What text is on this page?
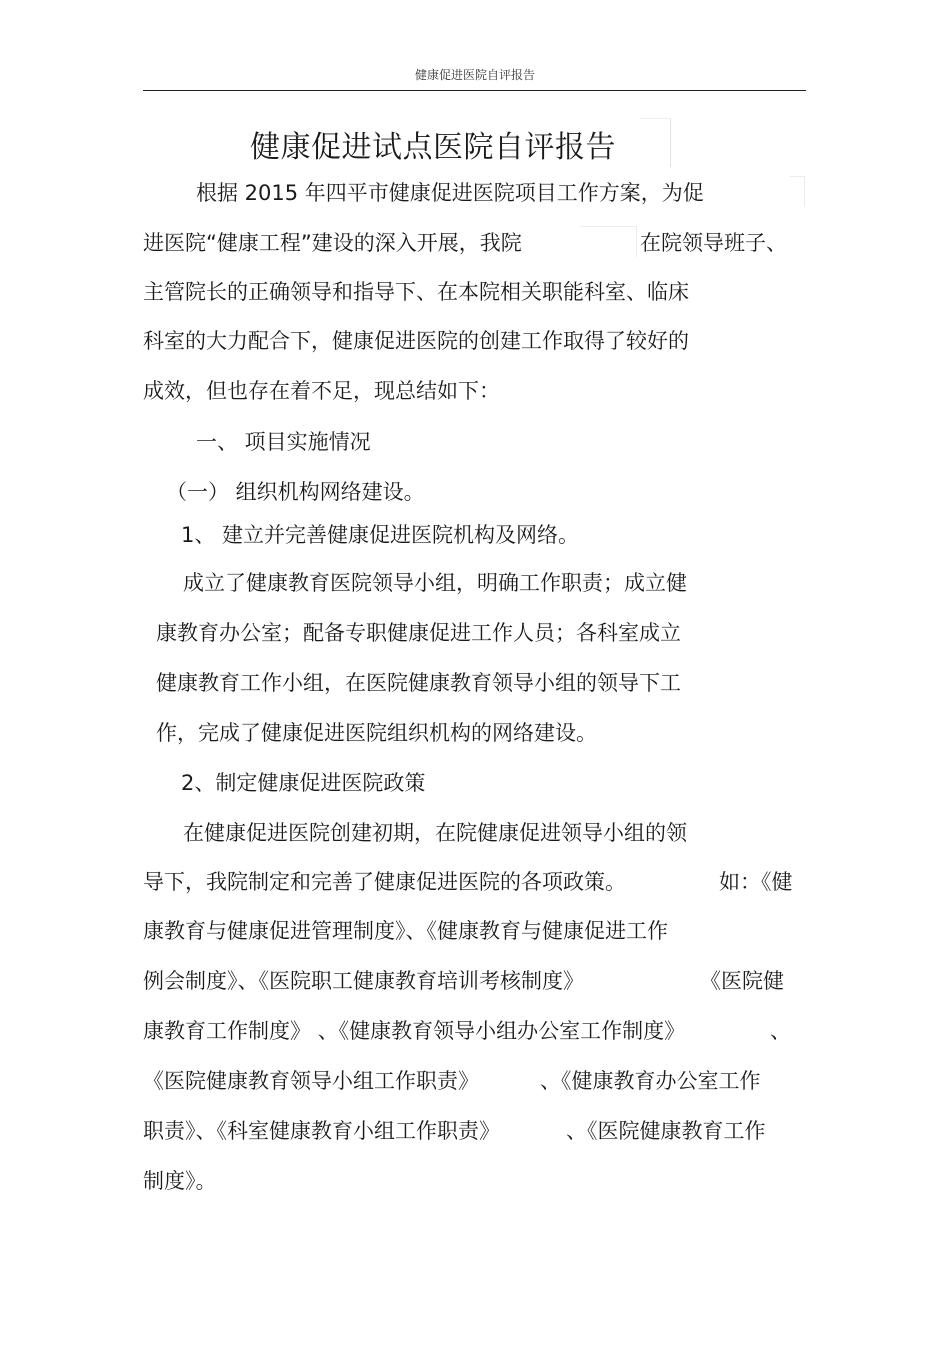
健康促进医院自评报告
健康促进试点医院自评报告
根据 2015 年四平市健康促进医院项目工作方案，为促
进医院“健康工程”建设的深入开展，我院	在院领导班子、
主管院长的正确领导和指导下、在本院相关职能科室、临床
科室的大力配合下，健康促进医院的创建工作取得了较好的
成效，但也存在着不足，现总结如下：
一、 项目实施情况
（一） 组织机构网络建设。
1、 建立并完善健康促进医院机构及网络。
成立了健康教育医院领导小组，明确工作职责；成立健
康教育办公室；配备专职健康促进工作人员；各科室成立
健康教育工作小组，在医院健康教育领导小组的领导下工
作，完成了健康促进医院组织机构的网络建设。
2、制定健康促进医院政策
在健康促进医院创建初期，在院健康促进领导小组的领
导下，我院制定和完善了健康促进医院的各项政策。	如：《健
康教育与健康促进管理制度》、《健康教育与健康促进工作
例会制度》、《医院职工健康教育培训考核制度》	《医院健
康教育工作制度》 、《健康教育领导小组办公室工作制度》	、
《医院健康教育领导小组工作职责》	、《健康教育办公室工作
职责》、《科室健康教育小组工作职责》	、《医院健康教育工作
制度》。
